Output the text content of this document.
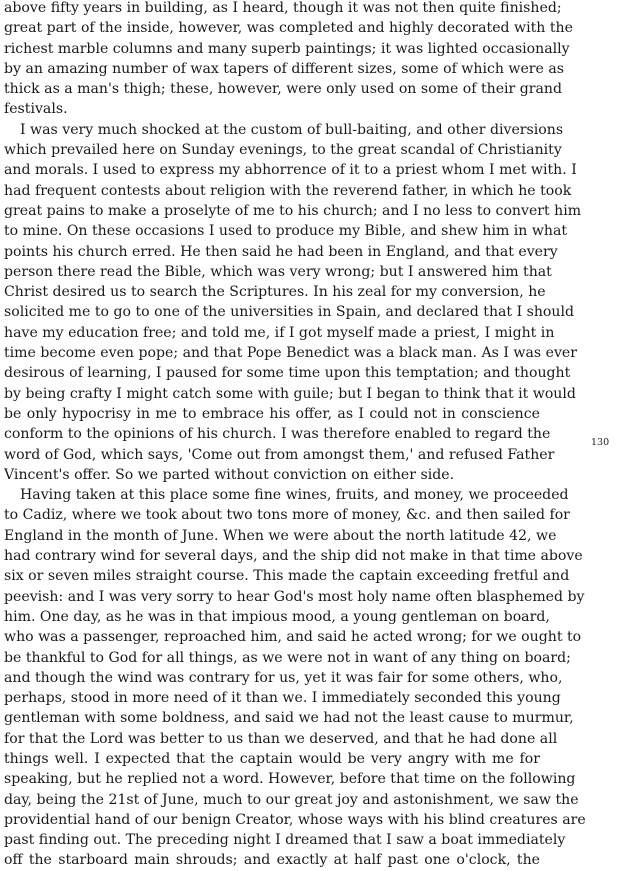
above fifty years in building, as I heard, though it was not then quite finished;
great part of the inside, however, was completed and highly decorated with the
richest marble columns and many superb paintings; it was lighted occasionally
by an amazing number of wax tapers of different sizes, some of which were as
thick as a man's thigh; these, however, were only used on some of their grand
festivals.
I was very much shocked at the custom of bull-baiting, and other diversions
which prevailed here on Sunday evenings, to the great scandal of Christianity
and morals. I used to express my abhorrence of it to a priest whom I met with. I
had frequent contests about religion with the reverend father, in which he took
great pains to make a proselyte of me to his church; and I no less to convert him
to mine. On these occasions I used to produce my Bible, and shew him in what
points his church erred. He then said he had been in England, and that every
person there read the Bible, which was very wrong; but I answered him that
Christ desired us to search the Scriptures. In his zeal for my conversion, he
solicited me to go to one of the universities in Spain, and declared that I should
have my education free; and told me, if I got myself made a priest, I might in
time become even pope; and that Pope Benedict was a black man. As I was ever
desirous of learning, I paused for some time upon this temptation; and thought
by being crafty I might catch some with guile; but I began to think that it would
be only hypocrisy in me to embrace his offer, as I could not in conscience
conform to the opinions of his church. I was therefore enabled to regard the
word of God, which says, 'Come out from amongst them,' and refused Father
Vincent's offer. So we parted without conviction on either side.
Having taken at this place some fine wines, fruits, and money, we proceeded
to Cadiz, where we took about two tons more of money, &c. and then sailed for
England in the month of June. When we were about the north latitude 42, we
had contrary wind for several days, and the ship did not make in that time above
six or seven miles straight course. This made the captain exceeding fretful and
peevish: and I was very sorry to hear God's most holy name often blasphemed by
him. One day, as he was in that impious mood, a young gentleman on board,
who was a passenger, reproached him, and said he acted wrong; for we ought to
be thankful to God for all things, as we were not in want of any thing on board;
and though the wind was contrary for us, yet it was fair for some others, who,
perhaps, stood in more need of it than we. I immediately seconded this young
gentleman with some boldness, and said we had not the least cause to murmur,
for that the Lord was better to us than we deserved, and that he had done all
things well. I expected that the captain would be very angry with me for
speaking, but he replied not a word. However, before that time on the following
day, being the 21st of June, much to our great joy and astonishment, we saw the
providential hand of our benign Creator, whose ways with his blind creatures are
past finding out. The preceding night I dreamed that I saw a boat immediately
off the starboard main shrouds; and exactly at half past one o'clock, the
130
